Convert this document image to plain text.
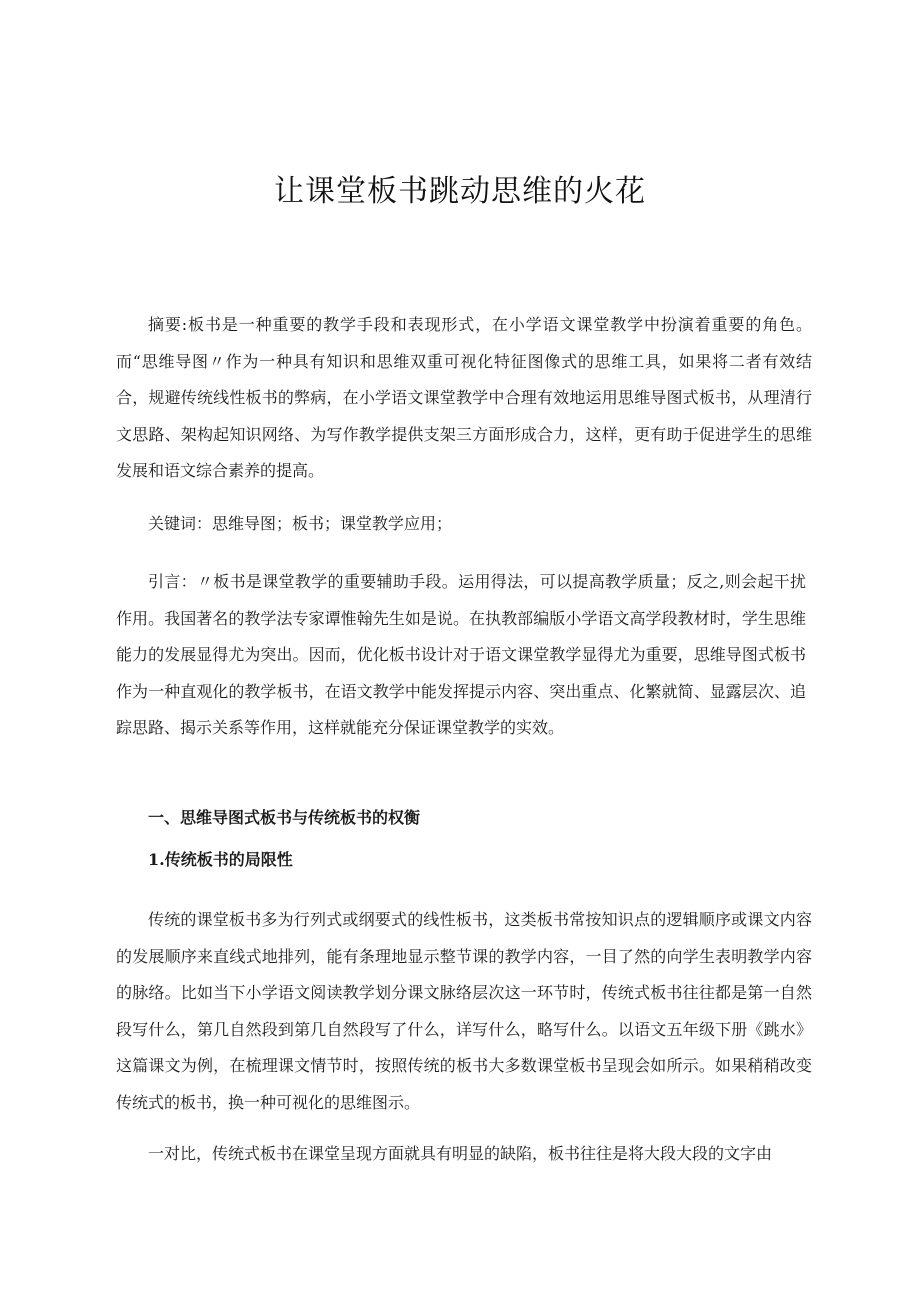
让课堂板书跳动思维的火花

摘要:板书是一种重要的教学手段和表现形式，在小学语文课堂教学中扮演着重要的角色。而“思维导图〃作为一种具有知识和思维双重可视化特征图像式的思维工具，如果将二者有效结合，规避传统线性板书的弊病，在小学语文课堂教学中合理有效地运用思维导图式板书，从理清行文思路、架构起知识网络、为写作教学提供支架三方面形成合力，这样，更有助于促进学生的思维发展和语文综合素养的提高。

关键词：思维导图；板书；课堂教学应用；

引言：〃板书是课堂教学的重要辅助手段。运用得法，可以提高教学质量；反之,则会起干扰作用。我国著名的教学法专家谭惟翰先生如是说。在执教部编版小学语文高学段教材时，学生思维能力的发展显得尤为突出。因而，优化板书设计对于语文课堂教学显得尤为重要，思维导图式板书作为一种直观化的教学板书，在语文教学中能发挥提示内容、突出重点、化繁就简、显露层次、追踪思路、揭示关系等作用，这样就能充分保证课堂教学的实效。

一、思维导图式板书与传统板书的权衡
1.传统板书的局限性

传统的课堂板书多为行列式或纲要式的线性板书，这类板书常按知识点的逻辑顺序或课文内容的发展顺序来直线式地排列，能有条理地显示整节课的教学内容，一目了然的向学生表明教学内容的脉络。比如当下小学语文阅读教学划分课文脉络层次这一环节时，传统式板书往往都是第一自然段写什么，第几自然段到第几自然段写了什么，详写什么，略写什么。以语文五年级下册《跳水》这篇课文为例，在梳理课文情节时，按照传统的板书大多数课堂板书呈现会如所示。如果稍稍改变传统式的板书，换一种可视化的思维图示。

一对比，传统式板书在课堂呈现方面就具有明显的缺陷，板书往往是将大段大段的文字由
